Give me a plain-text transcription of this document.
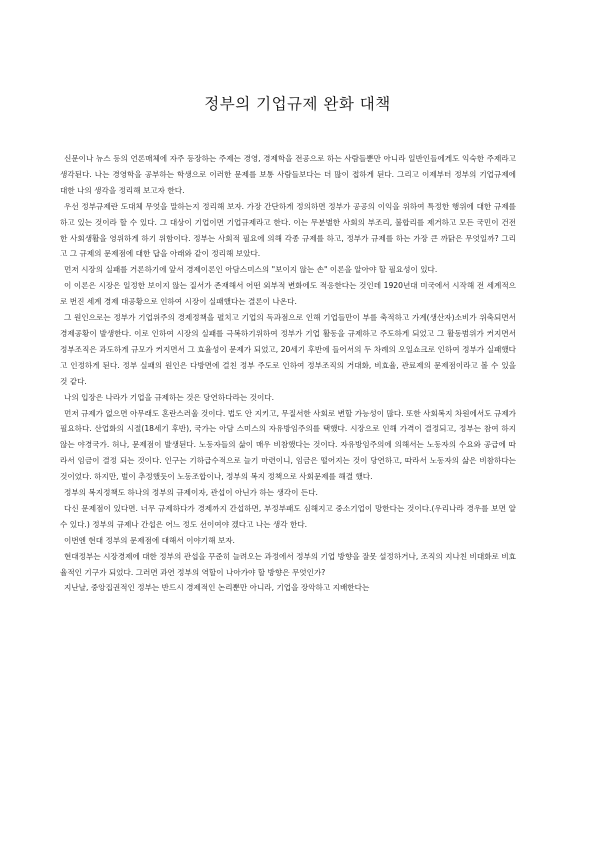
정부의 기업규제 완화 대책

신문이나 뉴스 등의 언론매체에 자주 등장하는 주제는 경영, 경제학을 전공으로 하는 사람들뿐만 아니라 일반인들에게도 익숙한 주제라고 생각된다. 나는 경영학을 공부하는 학생으로 이러한 문제를 보통 사람들보다는 더 많이 접하게 된다. 그리고 이제부터 정부의 기업규제에 대한 나의 생각을 정리해 보고자 한다.

우선 정부규제란 도대체 무엇을 말하는지 정리해 보자. 가장 간단하게 정의하면 정부가 공공의 이익을 위하여 특정한 행위에 대한 규제를 하고 있는 것이라 할 수 있다. 그 대상이 기업이면 기업규제라고 한다. 이는 무분별한 사회의 부조리, 불합리를 제거하고 모든 국민이 건전한 사회생활을 영위하게 하기 위함이다. 정부는 사회적 필요에 의해 각종 규제를 하고, 정부가 규제를 하는 가장 큰 까닭은 무엇일까? 그리고 그 규제의 문제점에 대한 답을 아래와 같이 정리해 보았다.

먼저 시장의 실패를 거론하기에 앞서 경제이론인 아담스미스의 "보이지 않는 손" 이론을 알아야 할 필요성이 있다.

이 이론은 시장은 일정한 보이지 않는 질서가 존재해서 어떤 외부적 변화에도 적응한다는 것인데 1920년대 미국에서 시작해 전 세계적으로 번진 세계 경제 대공황으로 인하여 시장이 실패했다는 결론이 나온다.

그 원인으로는 정부가 기업위주의 경제정책을 펼치고 기업의 독과점으로 인해 기업들만이 부를 축적하고 가계(생산자)소비가 위축되면서 경제공황이 발생한다. 이로 인하여 시장의 실패를 극복하기위하여 정부가 기업 활동을 규제하고 주도하게 되었고 그 활동범위가 커지면서 정부조직은 과도하게 규모가 커지면서 그 효율성이 문제가 되었고, 20세기 후반에 들어서의 두 차례의 오일쇼크로 인하여 정부가 실패했다고 인정하게 된다. 정부 실패의 원인은 다방면에 걸친 정부 주도로 인하여 정부조직의 거대화, 비효율, 관료제의 문제점이라고 볼 수 있을 것 같다.

나의 입장은 나라가 기업을 규제하는 것은 당연하다라는 것이다.

먼저 규제가 없으면 아무래도 혼란스러울 것이다. 법도 안 지키고, 무질서한 사회로 변할 가능성이 많다. 또한 사회복지 차원에서도 규제가 필요하다. 산업화의 시절(18세기 후반), 국가는 아담 스미스의 자유방임주의를 택했다. 시장으로 인해 가격이 결정되고, 정부는 참여 하지 않는 야경국가. 허나, 문제점이 발생된다. 노동자들의 삶이 매우 비참했다는 것이다. 자유방임주의에 의해서는 노동자의 수요와 공급에 따라서 임금이 결정 되는 것이다. 인구는 기하급수적으로 늘기 마련이니, 임금은 떨어지는 것이 당연하고, 따라서 노동자의 삶은 비참하다는 것이었다. 하지만, 벌이 추정했듯이 노동조합이나, 정부의 복지 정책으로 사회문제를 해결 했다.

정부의 복지정책도 하나의 정부의 규제이자, 관섭이 아닌가 하는 생각이 든다.

다신 문제점이 있다면. 너무 규제하다가 경제까지 간섭하면, 부정부패도 심해지고 중소기업이 망한다는 것이다.(우리나라 경우를 보면 알 수 있다.) 정부의 규제나 간섭은 어느 정도 선이여야 겠다고 나는 생각 한다.

이번엔 현대 정부의 문제점에 대해서 이야기해 보자.

현대정부는 시장경제에 대한 정부의 관섭을 꾸준히 늘려오는 과정에서 정부의 기업 방향을 잘못 설정하거나, 조직의 지나친 비대화로 비효율적인 기구가 되었다. 그러면 과연 정부의 역할이 나아가야 할 방향은 무엇인가?

지난날, 중앙집권적인 정부는 반드시 경제적인 논리뿐만 아니라, 기업을 장악하고 지배한다는
